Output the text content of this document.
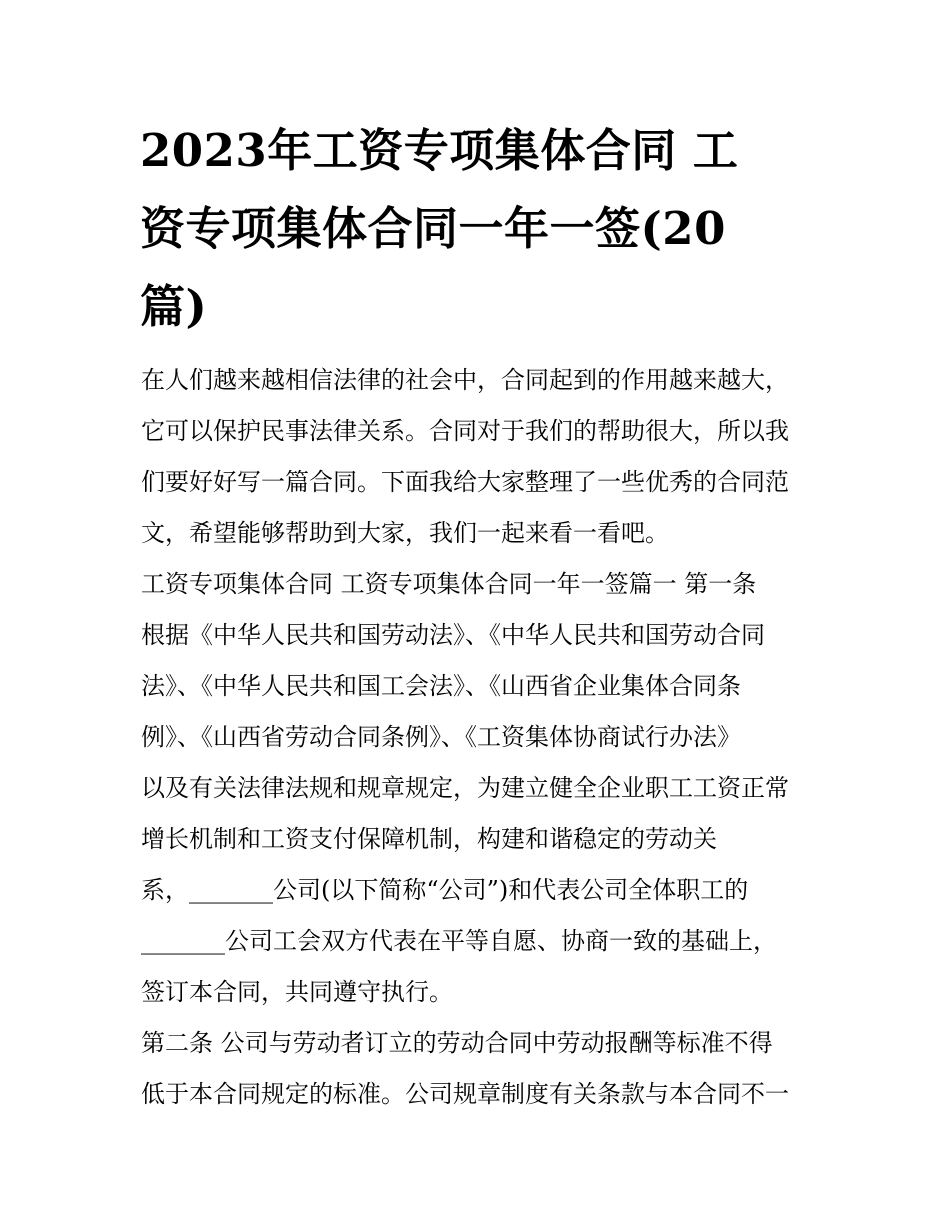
2023年工资专项集体合同 工
资专项集体合同一年一签(20
篇)
在人们越来越相信法律的社会中，合同起到的作用越来越大，
它可以保护民事法律关系。合同对于我们的帮助很大，所以我
们要好好写一篇合同。下面我给大家整理了一些优秀的合同范
文，希望能够帮助到大家，我们一起来看一看吧。
工资专项集体合同 工资专项集体合同一年一签篇一 第一条
根据《中华人民共和国劳动法》、《中华人民共和国劳动合同
法》、《中华人民共和国工会法》、《山西省企业集体合同条
例》、《山西省劳动合同条例》、《工资集体协商试行办法》
以及有关法律法规和规章规定，为建立健全企业职工工资正常
增长机制和工资支付保障机制，构建和谐稳定的劳动关
系，_______公司(以下简称“公司”)和代表公司全体职工的
_______公司工会双方代表在平等自愿、协商一致的基础上，
签订本合同，共同遵守执行。
第二条 公司与劳动者订立的劳动合同中劳动报酬等标准不得
低于本合同规定的标准。公司规章制度有关条款与本合同不一
